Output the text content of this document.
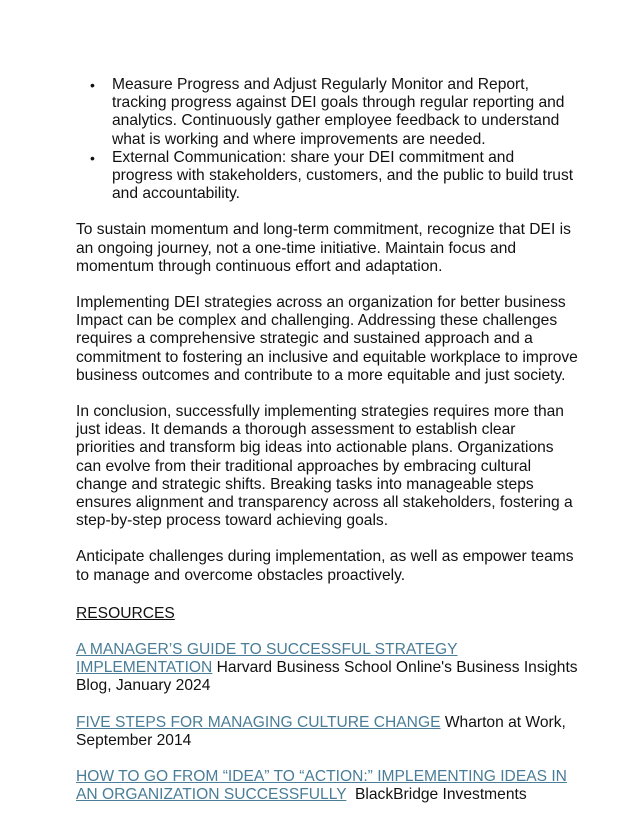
• Measure Progress and Adjust Regularly Monitor and Report, tracking progress against DEI goals through regular reporting and analytics. Continuously gather employee feedback to understand what is working and where improvements are needed.
• External Communication: share your DEI commitment and progress with stakeholders, customers, and the public to build trust and accountability.

To sustain momentum and long-term commitment, recognize that DEI is an ongoing journey, not a one-time initiative. Maintain focus and momentum through continuous effort and adaptation.

Implementing DEI strategies across an organization for better business Impact can be complex and challenging. Addressing these challenges requires a comprehensive strategic and sustained approach and a commitment to fostering an inclusive and equitable workplace to improve business outcomes and contribute to a more equitable and just society.

In conclusion, successfully implementing strategies requires more than just ideas. It demands a thorough assessment to establish clear priorities and transform big ideas into actionable plans. Organizations can evolve from their traditional approaches by embracing cultural change and strategic shifts. Breaking tasks into manageable steps ensures alignment and transparency across all stakeholders, fostering a step-by-step process toward achieving goals.

Anticipate challenges during implementation, as well as empower teams to manage and overcome obstacles proactively.

RESOURCES

A MANAGER’S GUIDE TO SUCCESSFUL STRATEGY IMPLEMENTATION Harvard Business School Online's Business Insights Blog, January 2024

FIVE STEPS FOR MANAGING CULTURE CHANGE Wharton at Work, September 2014

HOW TO GO FROM “IDEA” TO “ACTION:” IMPLEMENTING IDEAS IN AN ORGANIZATION SUCCESSFULLY  BlackBridge Investments
